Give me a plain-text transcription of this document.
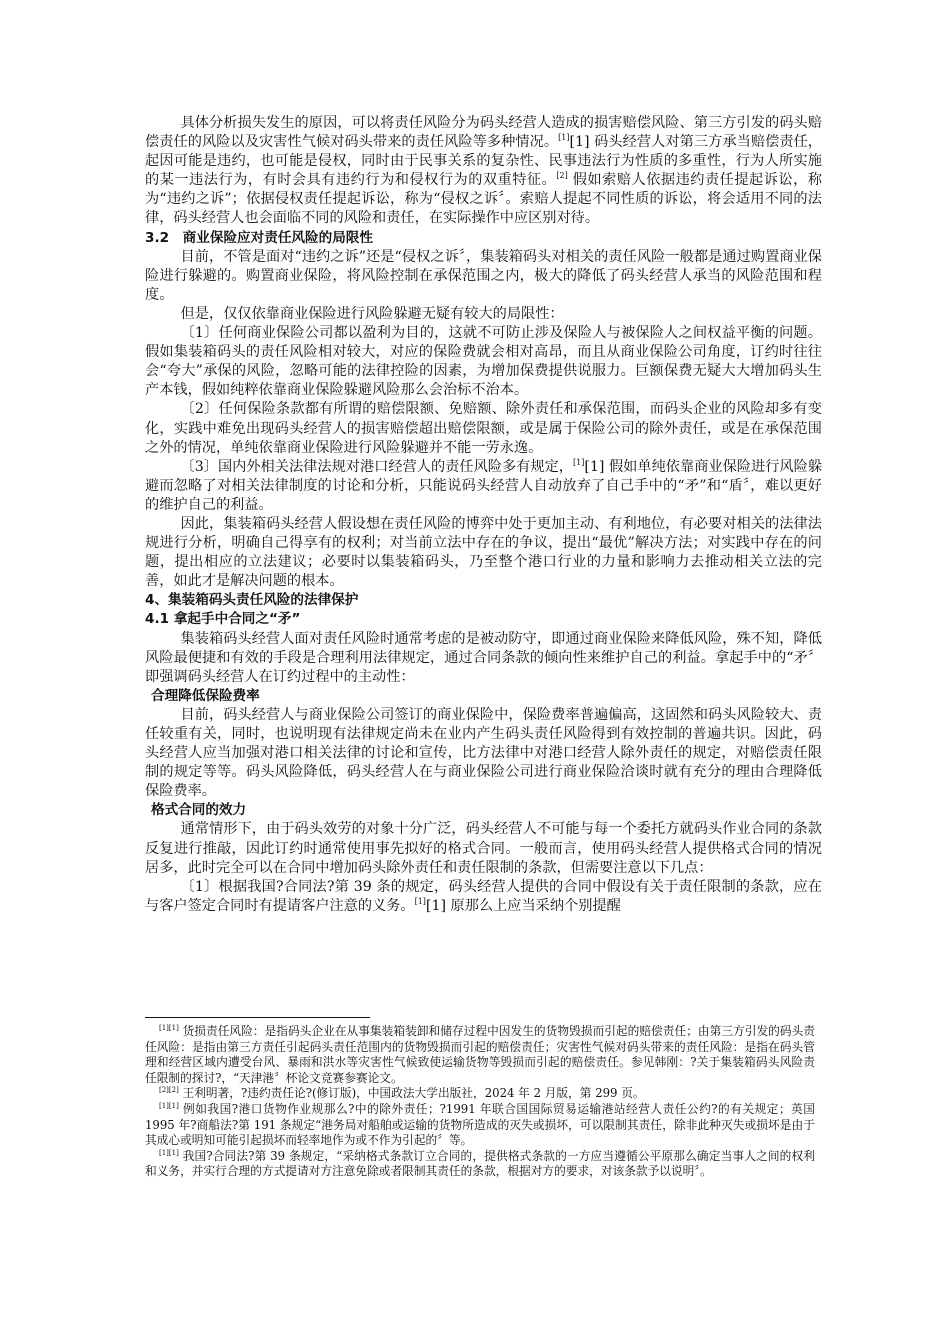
具体分析损失发生的原因，可以将责任风险分为码头经营人造成的损害赔偿风险、第三方引发的码头赔偿责任的风险以及灾害性气候对码头带来的责任风险等多种情况。[1][1] 码头经营人对第三方承当赔偿责任，起因可能是违约，也可能是侵权，同时由于民事关系的复杂性、民事违法行为性质的多重性，行为人所实施的某一违法行为，有时会具有违约行为和侵权行为的双重特征。[2] 假如索赔人依据违约责任提起诉讼，称为“违约之诉”；依据侵权责任提起诉讼，称为“侵权之诉〞。索赔人提起不同性质的诉讼，将会适用不同的法律，码头经营人也会面临不同的风险和责任，在实际操作中应区别对待。

3.2　商业保险应对责任风险的局限性

目前，不管是面对“违约之诉”还是“侵权之诉〞，集装箱码头对相关的责任风险一般都是通过购置商业保险进行躲避的。购置商业保险，将风险控制在承保范围之内，极大的降低了码头经营人承当的风险范围和程度。

但是，仅仅依靠商业保险进行风险躲避无疑有较大的局限性：

〔1〕任何商业保险公司都以盈利为目的，这就不可防止涉及保险人与被保险人之间权益平衡的问题。假如集装箱码头的责任风险相对较大，对应的保险费就会相对高昂，而且从商业保险公司角度，订约时往往会“夸大”承保的风险，忽略可能的法律控险的因素，为增加保费提供说服力。巨额保费无疑大大增加码头生产本钱，假如纯粹依靠商业保险躲避风险那么会治标不治本。

〔2〕任何保险条款都有所谓的赔偿限额、免赔额、除外责任和承保范围，而码头企业的风险却多有变化，实践中难免出现码头经营人的损害赔偿超出赔偿限额，或是属于保险公司的除外责任，或是在承保范围之外的情况，单纯依靠商业保险进行风险躲避并不能一劳永逸。

〔3〕国内外相关法律法规对港口经营人的责任风险多有规定，[1][1] 假如单纯依靠商业保险进行风险躲避而忽略了对相关法律制度的讨论和分析，只能说码头经营人自动放弃了自己手中的“矛”和“盾〞，难以更好的维护自己的利益。

因此，集装箱码头经营人假设想在责任风险的博弈中处于更加主动、有利地位，有必要对相关的法律法规进行分析，明确自己得享有的权利；对当前立法中存在的争议，提出“最优”解决方法；对实践中存在的问题，提出相应的立法建议；必要时以集装箱码头，乃至整个港口行业的力量和影响力去推动相关立法的完善，如此才是解决问题的根本。

4、集装箱码头责任风险的法律保护

4.1 拿起手中合同之“矛”

集装箱码头经营人面对责任风险时通常考虑的是被动防守，即通过商业保险来降低风险，殊不知，降低风险最便捷和有效的手段是合理利用法律规定，通过合同条款的倾向性来维护自己的利益。拿起手中的“矛〞即强调码头经营人在订约过程中的主动性：

合理降低保险费率

目前，码头经营人与商业保险公司签订的商业保险中，保险费率普遍偏高，这固然和码头风险较大、责任较重有关，同时，也说明现有法律规定尚未在业内产生码头责任风险得到有效控制的普遍共识。因此，码头经营人应当加强对港口相关法律的讨论和宣传，比方法律中对港口经营人除外责任的规定，对赔偿责任限制的规定等等。码头风险降低，码头经营人在与商业保险公司进行商业保险洽谈时就有充分的理由合理降低保险费率。

格式合同的效力

通常情形下，由于码头效劳的对象十分广泛，码头经营人不可能与每一个委托方就码头作业合同的条款反复进行推敲，因此订约时通常使用事先拟好的格式合同。一般而言，使用码头经营人提供格式合同的情况居多，此时完全可以在合同中增加码头除外责任和责任限制的条款，但需要注意以下几点：

〔1〕根据我国?合同法?第 39 条的规定，码头经营人提供的合同中假设有关于责任限制的条款，应在与客户签定合同时有提请客户注意的义务。[1][1] 原那么上应当采纳个别提醒

[1][1] 货损责任风险：是指码头企业在从事集装箱装卸和储存过程中因发生的货物毁损而引起的赔偿责任；由第三方引发的码头责任风险：是指由第三方责任引起码头责任范围内的货物毁损而引起的赔偿责任；灾害性气候对码头带来的责任风险：是指在码头管理和经营区域内遭受台风、暴雨和洪水等灾害性气候致使运输货物等毁损而引起的赔偿责任。参见韩刚：?关于集装箱码头风险责任限制的探讨?，“天津港〞杯论文竞赛参赛论文。

[2][2] 王利明著，?违约责任论?(修订版)，中国政法大学出版社，2024 年 2 月版，第 299 页。

[1][1] 例如我国?港口货物作业规那么?中的除外责任；?1991 年联合国国际贸易运输港站经营人责任公约?的有关规定；英国 1995 年?商船法?第 191 条规定“港务局对船舶或运输的货物所造成的灭失或损坏，可以限制其责任，除非此种灭失或损坏是由于其成心或明知可能引起损坏而轻率地作为或不作为引起的〞等。

[1][1] 我国?合同法?第 39 条规定，“采纳格式条款订立合同的，提供格式条款的一方应当遵循公平原那么确定当事人之间的权利和义务，并实行合理的方式提请对方注意免除或者限制其责任的条款，根据对方的要求，对该条款予以说明〞。
